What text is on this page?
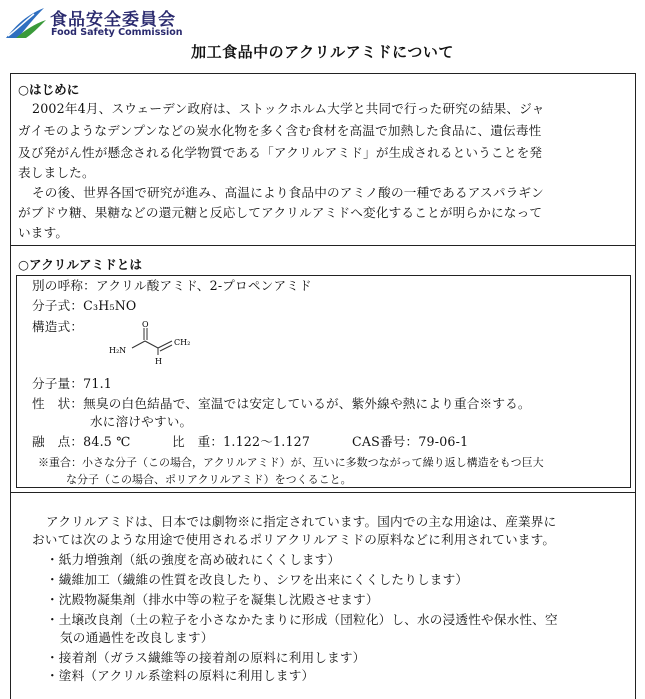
食品安全委員会
Food Safety Commission
加工食品中のアクリルアミドについて
○はじめに
2002年4月、スウェーデン政府は、ストックホルム大学と共同で行った研究の結果、ジャ
ガイモのようなデンプンなどの炭水化物を多く含む食材を高温で加熱した食品に、遺伝毒性
及び発がん性が懸念される化学物質である「アクリルアミド」が生成されるということを発
表しました。
その後、世界各国で研究が進み、高温により食品中のアミノ酸の一種であるアスパラギン
がブドウ糖、果糖などの還元糖と反応してアクリルアミドへ変化することが明らかになって
います。
○アクリルアミドとは
別の呼称：アクリル酸アミド、2-プロペンアミド
分子式：C₃H₅NO
構造式：	O
H₂N
H
CH₂
分子量：71.1
性　状：無臭の白色結晶で、室温では安定しているが、紫外線や熱により重合※する。
水に溶けやすい。
融　点：84.5 ℃	比　重：1.122～1.127	CAS番号：79-06-1
※重合：小さな分子（この場合，アクリルアミド）が、互いに多数つながって繰り返し構造をもつ巨大
な分子（この場合、ポリアクリルアミド）をつくること。
アクリルアミドは、日本では劇物※に指定されています。国内での主な用途は、産業界に
おいては次のような用途で使用されるポリアクリルアミドの原料などに利用されています。
・紙力増強剤（紙の強度を高め破れにくくします）
・繊維加工（繊維の性質を改良したり、シワを出来にくくしたりします）
・沈殿物凝集剤（排水中等の粒子を凝集し沈殿させます）
・土壌改良剤（土の粒子を小さなかたまりに形成（団粒化）し、水の浸透性や保水性、空
気の通過性を改良します）
・接着剤（ガラス繊維等の接着剤の原料に利用します）
・塗料（アクリル系塗料の原料に利用します）
